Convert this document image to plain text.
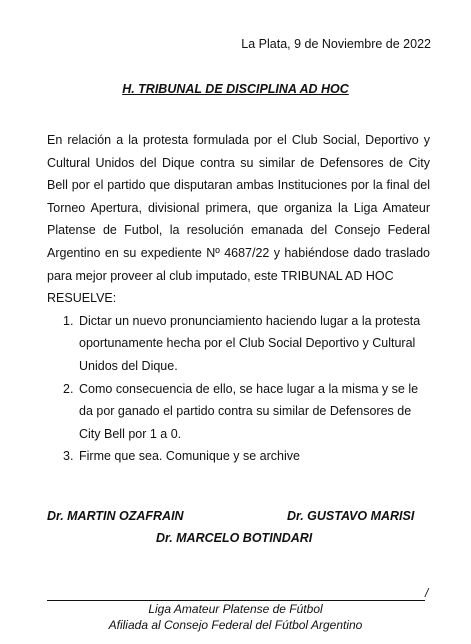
La Plata, 9 de Noviembre de 2022
H. TRIBUNAL DE DISCIPLINA AD HOC

En relación a la protesta formulada por el Club Social, Deportivo y Cultural Unidos del Dique contra su similar de Defensores de City Bell por el partido que disputaran ambas Instituciones por la final del Torneo Apertura, divisional primera, que organiza la Liga Amateur Platense de Futbol, la resolución emanada del Consejo Federal Argentino en su expediente Nº 4687/22 y habiéndose dado traslado para mejor proveer al club imputado, este TRIBUNAL AD HOC

RESUELVE:

1. Dictar un nuevo pronunciamiento haciendo lugar a la protesta oportunamente hecha por el Club Social Deportivo y Cultural Unidos del Dique.
2. Como consecuencia de ello, se hace lugar a la misma y se le da por ganado el partido contra su similar de Defensores de City Bell por 1 a 0.
3. Firme que sea. Comunique y se archive
Dr. MARTIN OZAFRAIN	Dr. GUSTAVO MARISI
Dr. MARCELO BOTINDARI
/
Liga Amateur Platense de Fútbol
Afiliada al Consejo Federal del Fútbol Argentino
